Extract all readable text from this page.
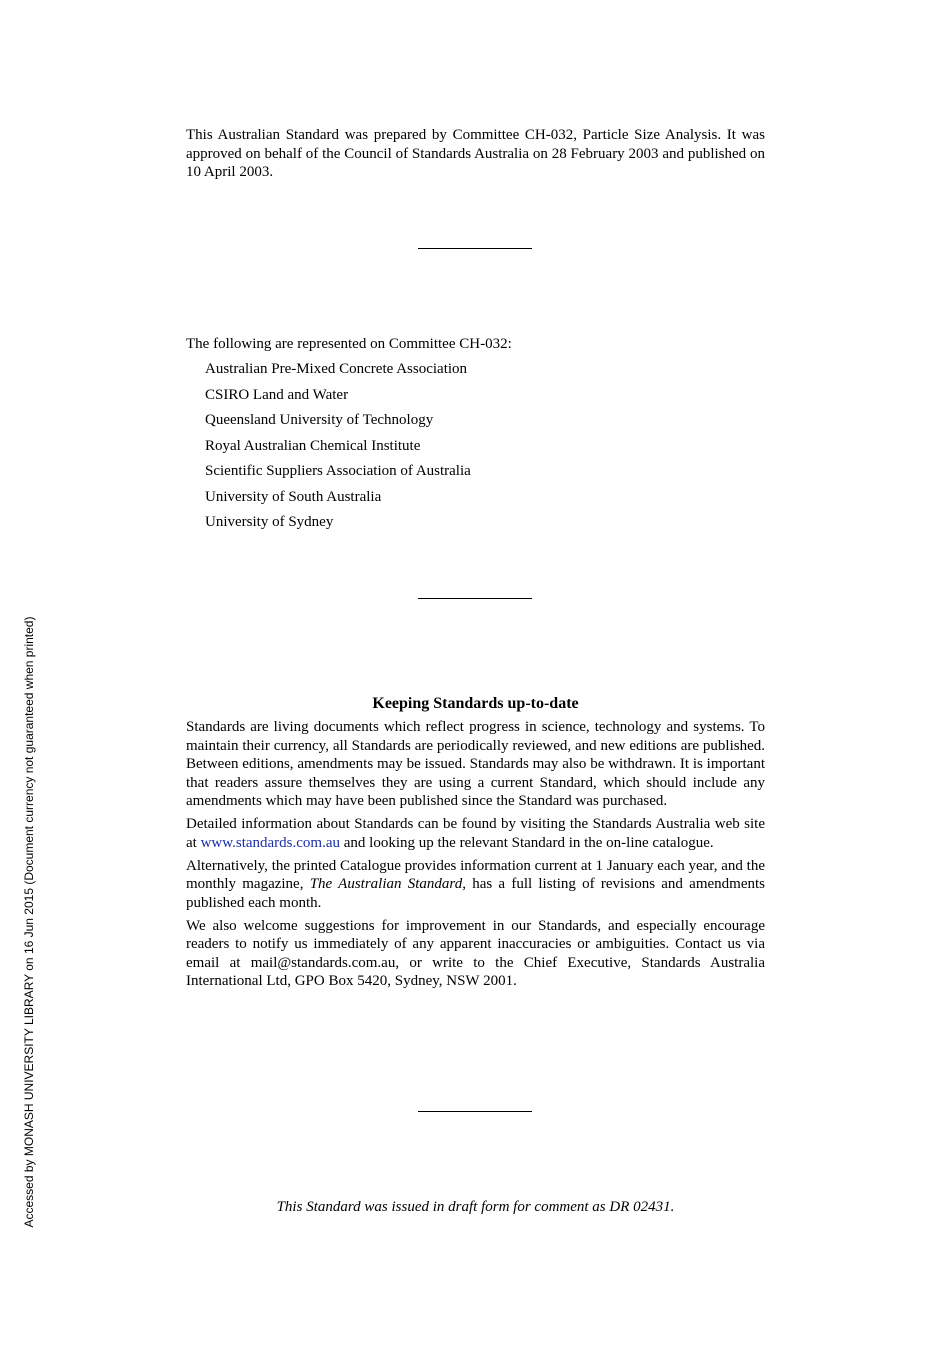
This Australian Standard was prepared by Committee CH-032, Particle Size Analysis. It was approved on behalf of the Council of Standards Australia on 28 February 2003 and published on 10 April 2003.

The following are represented on Committee CH-032:

Australian Pre-Mixed Concrete Association
CSIRO Land and Water
Queensland University of Technology
Royal Australian Chemical Institute
Scientific Suppliers Association of Australia
University of South Australia
University of Sydney
Keeping Standards up-to-date

Standards are living documents which reflect progress in science, technology and systems. To maintain their currency, all Standards are periodically reviewed, and new editions are published. Between editions, amendments may be issued. Standards may also be withdrawn. It is important that readers assure themselves they are using a current Standard, which should include any amendments which may have been published since the Standard was purchased.

Detailed information about Standards can be found by visiting the Standards Australia web site at www.standards.com.au and looking up the relevant Standard in the on-line catalogue.

Alternatively, the printed Catalogue provides information current at 1 January each year, and the monthly magazine, The Australian Standard, has a full listing of revisions and amendments published each month.

We also welcome suggestions for improvement in our Standards, and especially encourage readers to notify us immediately of any apparent inaccuracies or ambiguities. Contact us via email at mail@standards.com.au, or write to the Chief Executive, Standards Australia International Ltd, GPO Box 5420, Sydney, NSW 2001.

This Standard was issued in draft form for comment as DR 02431.
Accessed by MONASH UNIVERSITY LIBRARY on 16 Jun 2015 (Document currency not guaranteed when printed)
